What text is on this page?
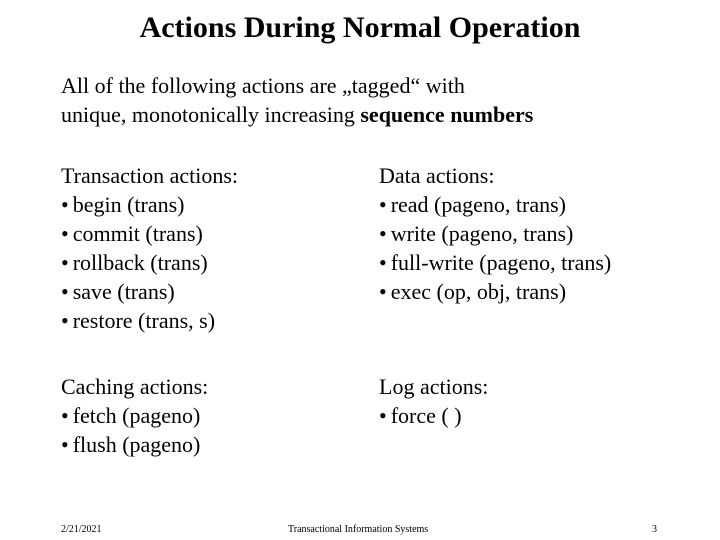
Actions During Normal Operation
All of the following actions are „tagged“ with
unique, monotonically increasing sequence numbers
Transaction actions:
• begin (trans)
• commit (trans)
• rollback (trans)
• save (trans)
• restore (trans, s)
Data actions:
• read (pageno, trans)
• write (pageno, trans)
• full-write (pageno, trans)
• exec (op, obj, trans)
Caching actions:
• fetch (pageno)
• flush (pageno)
Log actions:
• force ( )
2/21/2021	Transactional Information Systems	3
